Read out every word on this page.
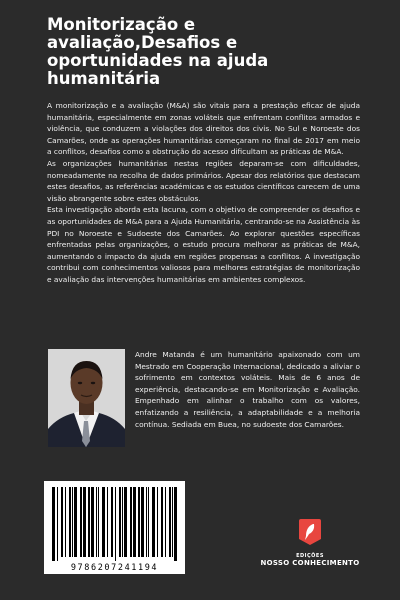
Monitorização e avaliação,Desafios e oportunidades na ajuda humanitária

A monitorização e a avaliação (M&A) são vitais para a prestação eficaz de ajuda humanitária, especialmente em zonas voláteis que enfrentam conflitos armados e violência, que conduzem a violações dos direitos dos civis. No Sul e Noroeste dos Camarões, onde as operações humanitárias começaram no final de 2017 em meio a conflitos, desafios como a obstrução do acesso dificultam as práticas de M&A.

As organizações humanitárias nestas regiões deparam-se com dificuldades, nomeadamente na recolha de dados primários. Apesar dos relatórios que destacam estes desafios, as referências académicas e os estudos científicos carecem de uma visão abrangente sobre estes obstáculos.

Esta investigação aborda esta lacuna, com o objetivo de compreender os desafios e as oportunidades de M&A para a Ajuda Humanitária, centrando-se na Assistência às PDI no Noroeste e Sudoeste dos Camarões. Ao explorar questões específicas enfrentadas pelas organizações, o estudo procura melhorar as práticas de M&A, aumentando o impacto da ajuda em regiões propensas a conflitos. A investigação contribui com conhecimentos valiosos para melhores estratégias de monitorização e avaliação das intervenções humanitárias em ambientes complexos.

Andre Matanda é um humanitário apaixonado com um Mestrado em Cooperação Internacional, dedicado a aliviar o sofrimento em contextos voláteis. Mais de 6 anos de experiência, destacando-se em Monitorização e Avaliação. Empenhado em alinhar o trabalho com os valores, enfatizando a resiliência, a adaptabilidade e a melhoria contínua. Sediada em Buea, no sudoeste dos Camarões.

9786207241194
EDIÇÕES
NOSSO CONHECIMENTO
